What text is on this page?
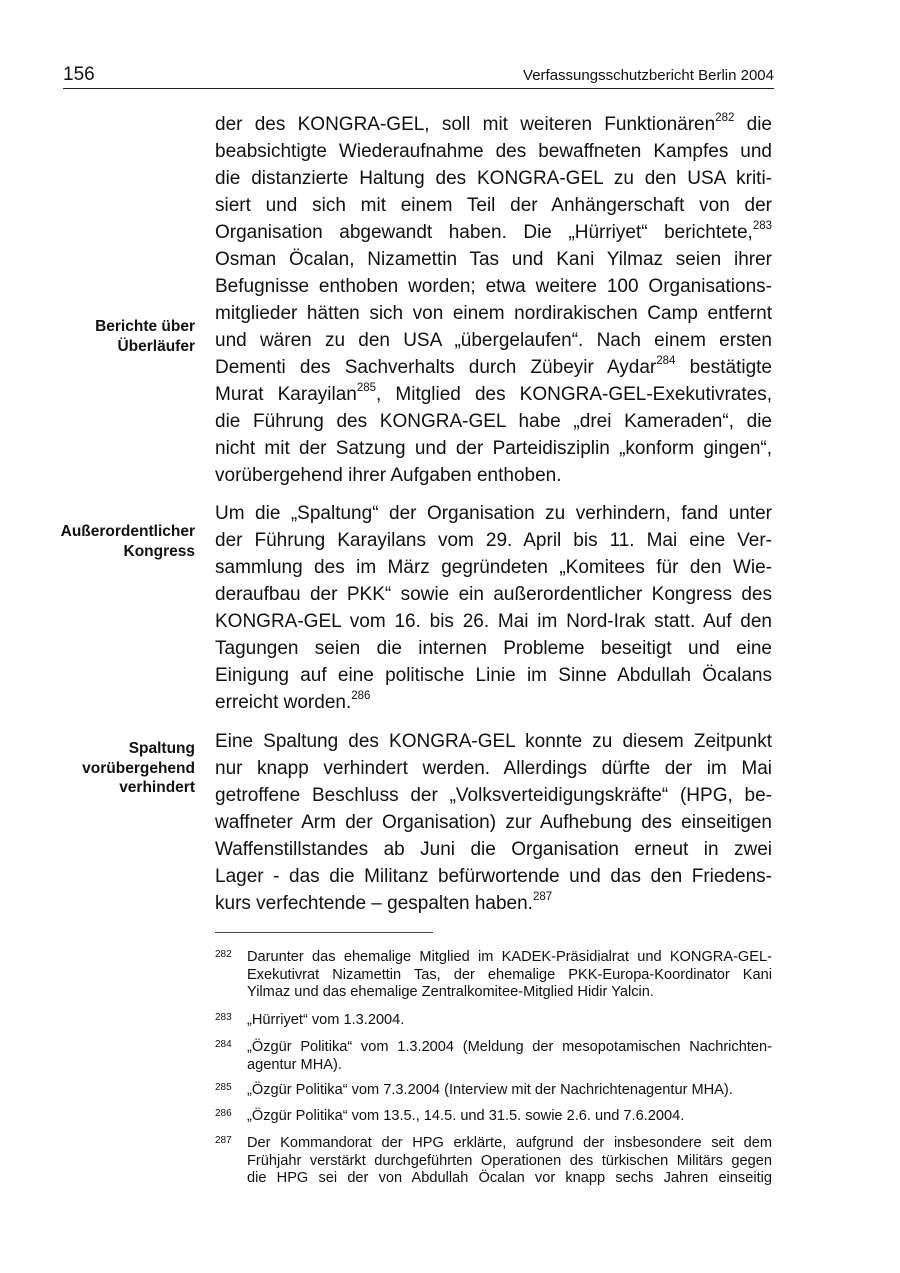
156	Verfassungsschutzbericht Berlin 2004
Berichte über
Überläufer
Außerordentlicher
Kongress
Spaltung
vorübergehend
verhindert
der des KONGRA-GEL, soll mit weiteren Funktionären$^{282}$ die
beabsichtigte Wiederaufnahme des bewaffneten Kampfes und
die distanzierte Haltung des KONGRA-GEL zu den USA kriti-
siert und sich mit einem Teil der Anhängerschaft von der
Organisation abgewandt haben. Die „Hürriyet“ berichtete,$^{283}$
Osman Öcalan, Nizamettin Tas und Kani Yilmaz seien ihrer
Befugnisse enthoben worden; etwa weitere 100 Organisations-
mitglieder hätten sich von einem nordirakischen Camp entfernt
und wären zu den USA „übergelaufen“. Nach einem ersten
Dementi des Sachverhalts durch Zübeyir Aydar$^{284}$ bestätigte
Murat Karayilan$^{285}$, Mitglied des KONGRA-GEL-Exekutivrates,
die Führung des KONGRA-GEL habe „drei Kameraden“, die
nicht mit der Satzung und der Parteidisziplin „konform gingen“,
vorübergehend ihrer Aufgaben enthoben.
Um die „Spaltung“ der Organisation zu verhindern, fand unter
der Führung Karayilans vom 29. April bis 11. Mai eine Ver-
sammlung des im März gegründeten „Komitees für den Wie-
deraufbau der PKK“ sowie ein außerordentlicher Kongress des
KONGRA-GEL vom 16. bis 26. Mai im Nord-Irak statt. Auf den
Tagungen seien die internen Probleme beseitigt und eine
Einigung auf eine politische Linie im Sinne Abdullah Öcalans
erreicht worden.$^{286}$
Eine Spaltung des KONGRA-GEL konnte zu diesem Zeitpunkt
nur knapp verhindert werden. Allerdings dürfte der im Mai
getroffene Beschluss der „Volksverteidigungskräfte“ (HPG, be-
waffneter Arm der Organisation) zur Aufhebung des einseitigen
Waffenstillstandes ab Juni die Organisation erneut in zwei
Lager - das die Militanz befürwortende und das den Friedens-
kurs verfechtende – gespalten haben.$^{287}$
282 Darunter das ehemalige Mitglied im KADEK-Präsidialrat und KONGRA-GEL-
Exekutivrat Nizamettin Tas, der ehemalige PKK-Europa-Koordinator Kani
Yilmaz und das ehemalige Zentralkomitee-Mitglied Hidir Yalcin.
283 „Hürriyet“ vom 1.3.2004.
284 „Özgür Politika“ vom 1.3.2004 (Meldung der mesopotamischen Nachrichten-
agentur MHA).
285 „Özgür Politika“ vom 7.3.2004 (Interview mit der Nachrichtenagentur MHA).
286 „Özgür Politika“ vom 13.5., 14.5. und 31.5. sowie 2.6. und 7.6.2004.
287 Der Kommandorat der HPG erklärte, aufgrund der insbesondere seit dem
Frühjahr verstärkt durchgeführten Operationen des türkischen Militärs gegen
die HPG sei der von Abdullah Öcalan vor knapp sechs Jahren einseitig
